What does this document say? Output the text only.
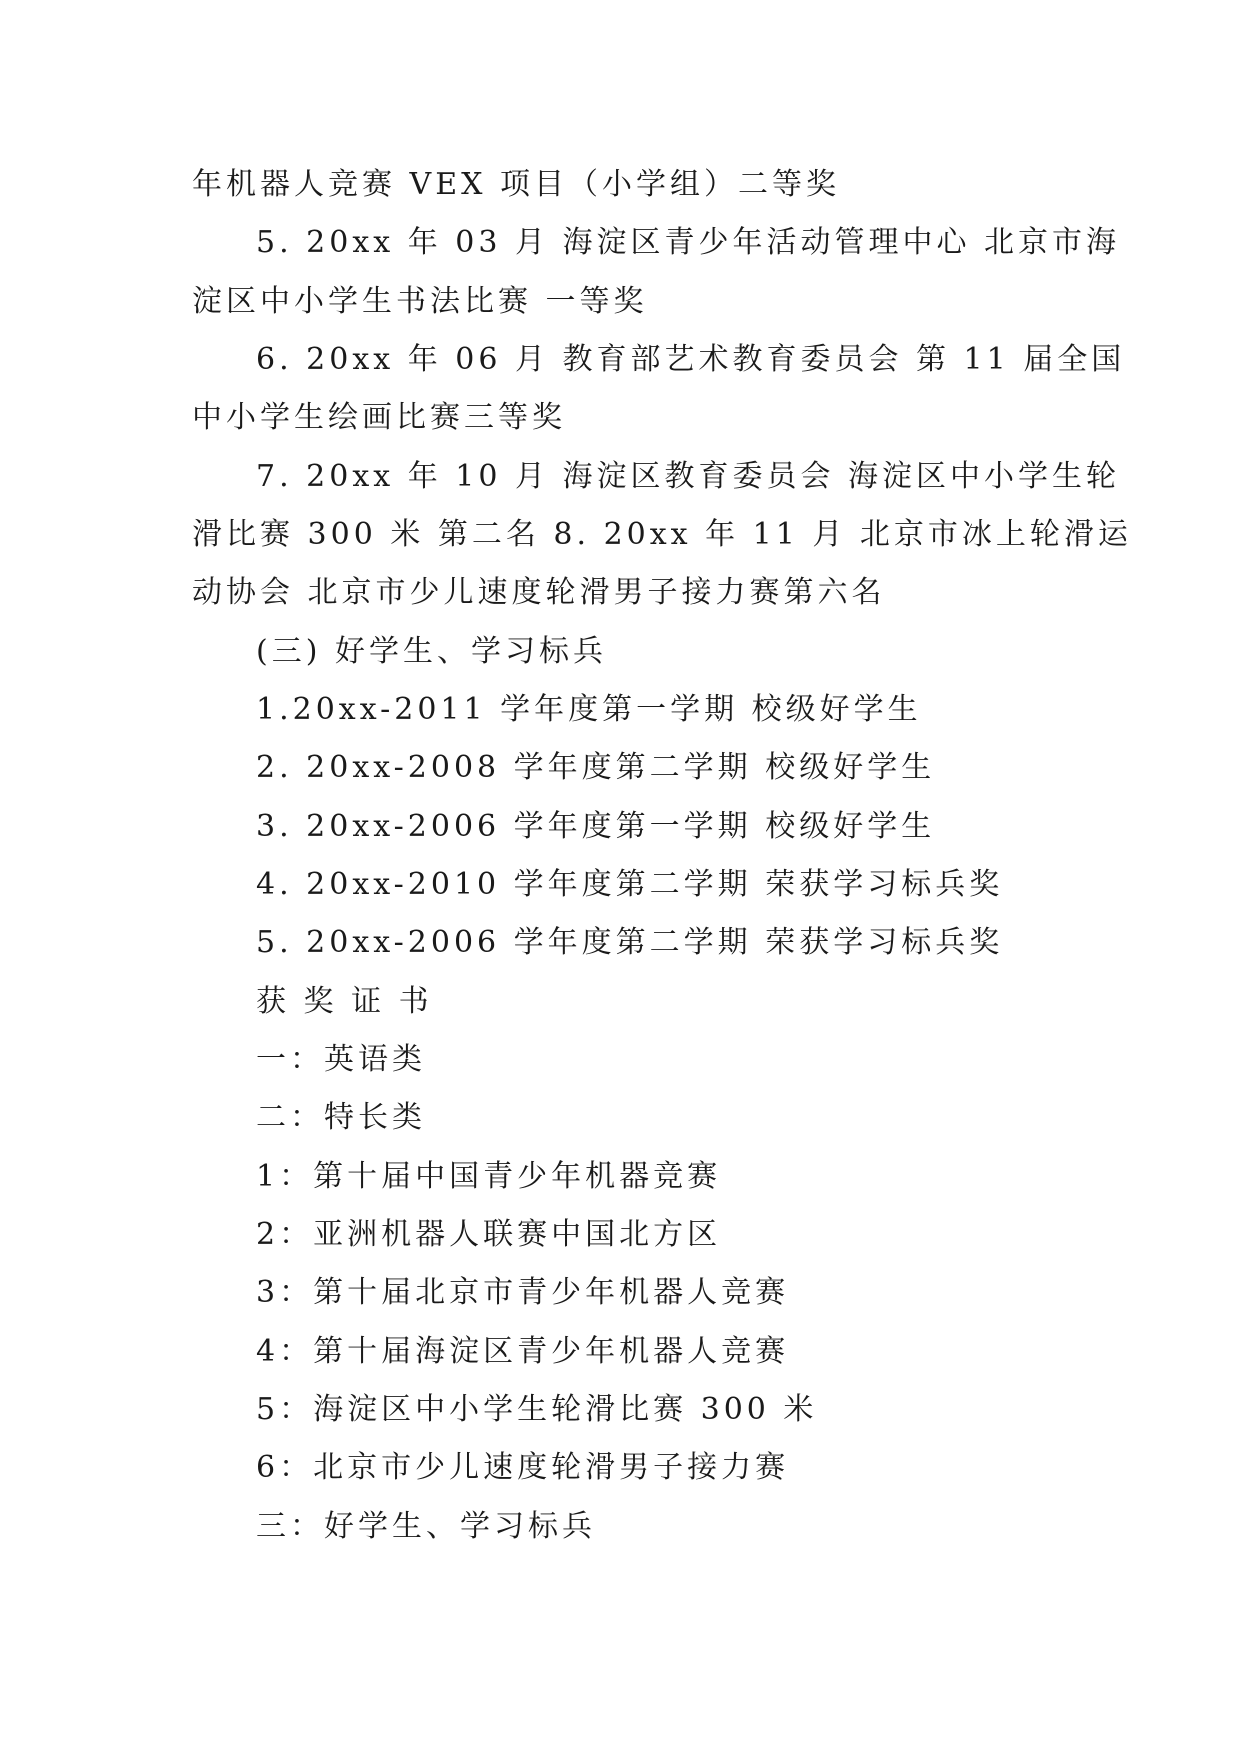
年机器人竞赛 VEX 项目（小学组）二等奖
5. 20xx 年 03 月 海淀区青少年活动管理中心 北京市海
淀区中小学生书法比赛 一等奖
6. 20xx 年 06 月 教育部艺术教育委员会 第 11 届全国
中小学生绘画比赛三等奖
7. 20xx 年 10 月 海淀区教育委员会 海淀区中小学生轮
滑比赛 300 米 第二名 8. 20xx 年 11 月 北京市冰上轮滑运
动协会 北京市少儿速度轮滑男子接力赛第六名
(三) 好学生、学习标兵
1.20xx-2011 学年度第一学期 校级好学生
2. 20xx-2008 学年度第二学期 校级好学生
3. 20xx-2006 学年度第一学期 校级好学生
4. 20xx-2010 学年度第二学期 荣获学习标兵奖
5. 20xx-2006 学年度第二学期 荣获学习标兵奖
获 奖 证 书
一：英语类
二：特长类
1：第十届中国青少年机器竞赛
2：亚洲机器人联赛中国北方区
3：第十届北京市青少年机器人竞赛
4：第十届海淀区青少年机器人竞赛
5：海淀区中小学生轮滑比赛 300 米
6：北京市少儿速度轮滑男子接力赛
三：好学生、学习标兵
